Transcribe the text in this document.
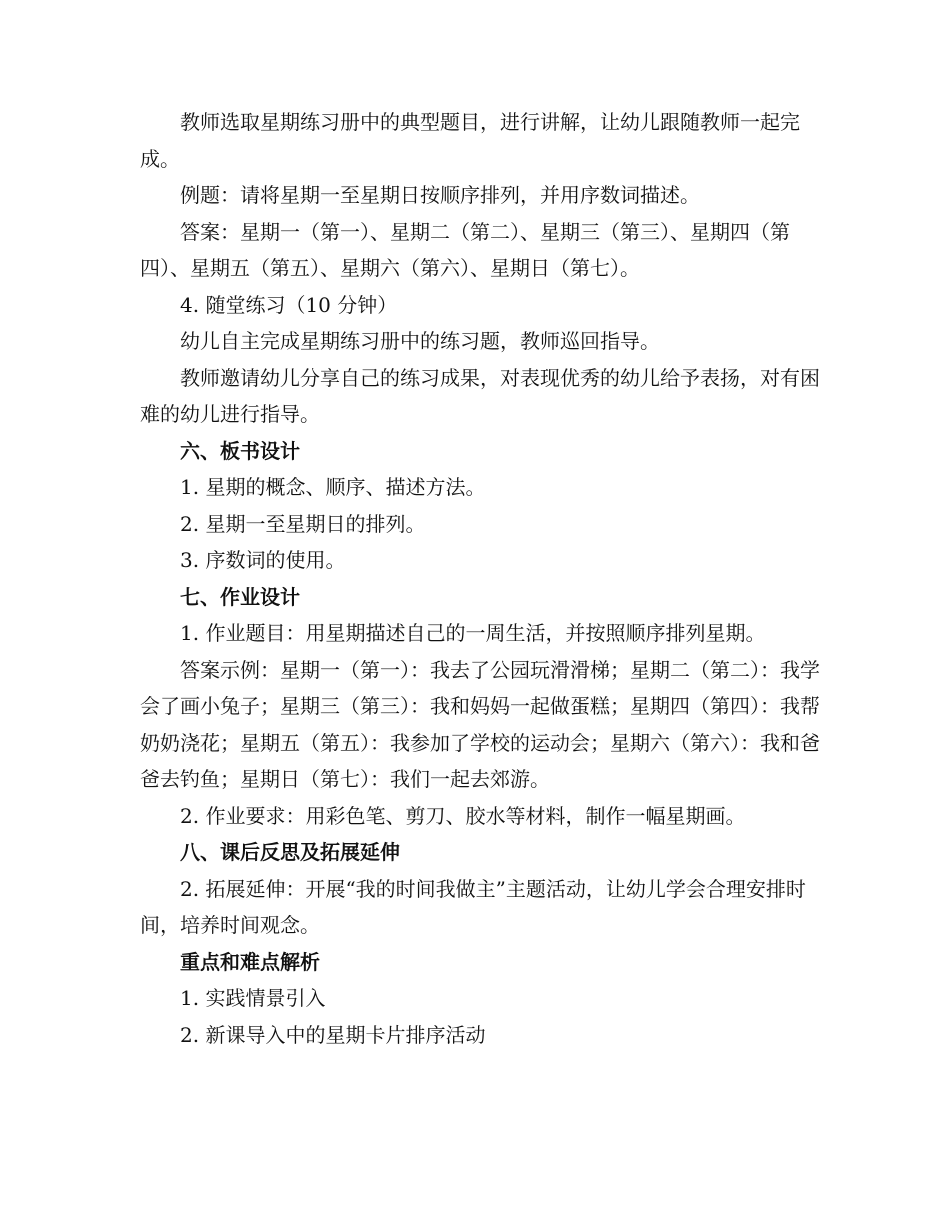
教师选取星期练习册中的典型题目，进行讲解，让幼儿跟随教师一起完成。

例题：请将星期一至星期日按顺序排列，并用序数词描述。

答案：星期一（第一）、星期二（第二）、星期三（第三）、星期四（第四）、星期五（第五）、星期六（第六）、星期日（第七）。

4. 随堂练习（10 分钟）

幼儿自主完成星期练习册中的练习题，教师巡回指导。

教师邀请幼儿分享自己的练习成果，对表现优秀的幼儿给予表扬，对有困难的幼儿进行指导。

六、板书设计

1. 星期的概念、顺序、描述方法。

2. 星期一至星期日的排列。

3. 序数词的使用。

七、作业设计

1. 作业题目：用星期描述自己的一周生活，并按照顺序排列星期。

答案示例：星期一（第一）：我去了公园玩滑滑梯；星期二（第二）：我学会了画小兔子；星期三（第三）：我和妈妈一起做蛋糕；星期四（第四）：我帮奶奶浇花；星期五（第五）：我参加了学校的运动会；星期六（第六）：我和爸爸去钓鱼；星期日（第七）：我们一起去郊游。

2. 作业要求：用彩色笔、剪刀、胶水等材料，制作一幅星期画。

八、课后反思及拓展延伸

2. 拓展延伸：开展“我的时间我做主”主题活动，让幼儿学会合理安排时间，培养时间观念。

重点和难点解析

1. 实践情景引入

2. 新课导入中的星期卡片排序活动
